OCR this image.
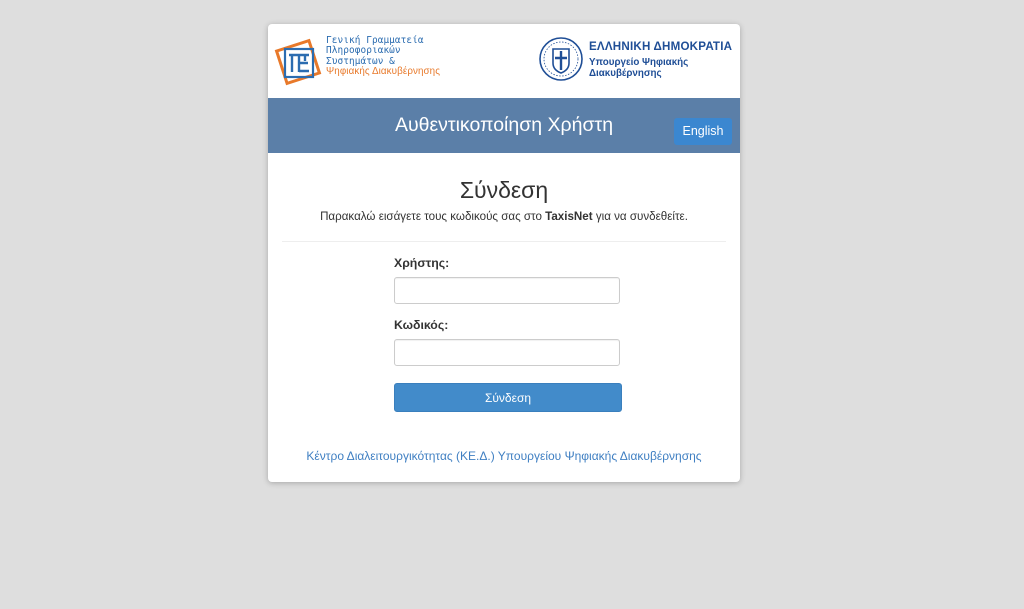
Γενική Γραμματεία
Πληροφοριακών
Συστημάτων &
Ψηφιακής Διακυβέρνησης
ΕΛΛΗΝΙΚΗ ΔΗΜΟΚΡΑΤΙΑ
Υπουργείο Ψηφιακής
Διακυβέρνησης
Αυθεντικοποίηση Χρήστη	English
Σύνδεση
Παρακαλώ εισάγετε τους κωδικούς σας στο TaxisNet για να συνδεθείτε.
Χρήστης:
Κωδικός:
Σύνδεση
Κέντρο Διαλειτουργικότητας (ΚΕ.Δ.) Υπουργείου Ψηφιακής Διακυβέρνησης
